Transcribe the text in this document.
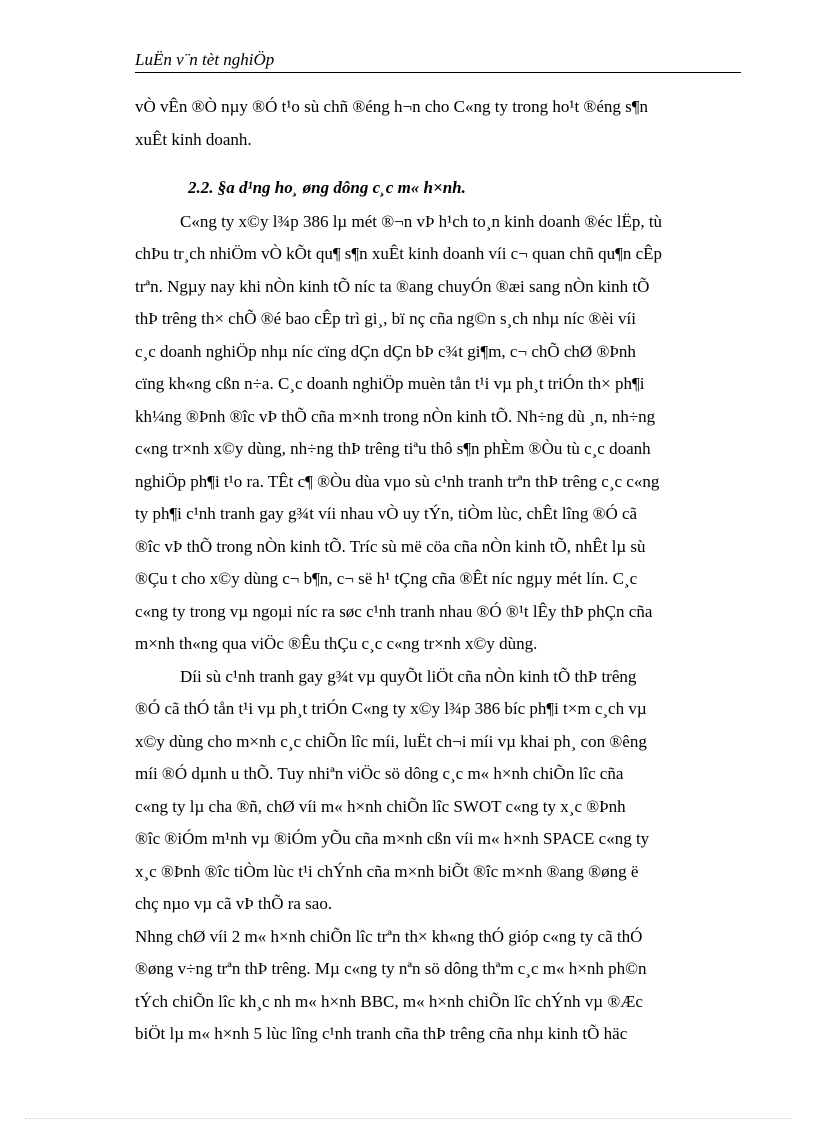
LuËn v¨n tèt nghiÖp
vÒ vÊn ®Ò nµy ®Ó t¹o sù chñ ®éng h¬n cho C«ng ty trong ho¹t ®éng s¶n
xuÊt kinh doanh.
2.2. §a d¹ng ho¸ øng dông c¸c m« h×nh.
C«ng ty x©y l¾p 386 lµ mét ®¬n vÞ h¹ch to¸n kinh doanh ®éc lËp, tù
chÞu tr¸ch nhiÖm vÒ kÕt qu¶ s¶n xuÊt kinh doanh víi c¬ quan chñ qu¶n cÊp
trªn. Ngµy nay khi nÒn kinh tÕ níc ta ®ang chuyÓn ®æi sang nÒn kinh tÕ
thÞ trêng th× chÕ ®é bao cÊp trì gi¸, bï nç cña ng©n s¸ch nhµ níc ®èi víi
c¸c doanh nghiÖp nhµ níc cïng dÇn dÇn bÞ c¾t gi¶m, c¬ chÕ chØ ®Þnh
cïng kh«ng cßn n÷a. C¸c doanh nghiÖp muèn tån t¹i vµ ph¸t triÓn th× ph¶i
kh¼ng ®Þnh ®îc vÞ thÕ cña m×nh trong nÒn kinh tÕ. Nh÷ng dù ¸n, nh÷ng
c«ng tr×nh x©y dùng, nh÷ng thÞ trêng tiªu thô s¶n phÈm ®Òu tù c¸c doanh
nghiÖp ph¶i t¹o ra. TÊt c¶ ®Òu dùa vµo sù c¹nh tranh trªn thÞ trêng c¸c c«ng
ty ph¶i c¹nh tranh gay g¾t víi nhau vÒ uy tÝn, tiÒm lùc, chÊt lîng ®Ó cã
®îc vÞ thÕ trong nÒn kinh tÕ. Tríc sù më cöa cña nÒn kinh tÕ, nhÊt lµ sù
®Çu t cho x©y dùng c¬ b¶n, c¬ së h¹ tÇng cña ®Êt níc ngµy mét lín. C¸c
c«ng ty trong vµ ngoµi níc ra søc c¹nh tranh nhau ®Ó ®¹t lÊy thÞ phÇn cña
m×nh th«ng qua viÖc ®Êu thÇu c¸c c«ng tr×nh x©y dùng.
Díi sù c¹nh tranh gay g¾t vµ quyÕt liÖt cña nÒn kinh tÕ thÞ trêng
®Ó cã thÓ tån t¹i vµ ph¸t triÓn C«ng ty x©y l¾p 386 bíc ph¶i t×m c¸ch vµ
x©y dùng cho m×nh c¸c chiÕn lîc míi, luËt ch¬i míi vµ khai ph¸ con ®êng
míi ®Ó dµnh u thÕ. Tuy nhiªn viÖc sö dông c¸c m« h×nh chiÕn lîc cña
c«ng ty lµ cha ®ñ, chØ víi m« h×nh chiÕn lîc SWOT c«ng ty x¸c ®Þnh
®îc ®iÓm m¹nh vµ ®iÓm yÕu cña m×nh cßn víi m« h×nh SPACE c«ng ty
x¸c ®Þnh ®îc tiÒm lùc t¹i chÝnh cña m×nh biÕt ®îc m×nh ®ang ®øng ë
chç nµo vµ cã vÞ thÕ ra sao.
Nhng chØ víi 2 m« h×nh chiÕn lîc trªn th× kh«ng thÓ gióp c«ng ty cã thÓ
®øng v÷ng trªn thÞ trêng. Mµ c«ng ty nªn sö dông thªm c¸c m« h×nh ph©n
tÝch chiÕn lîc kh¸c nh m« h×nh BBC, m« h×nh chiÕn lîc chÝnh vµ ®Æc
biÖt lµ m« h×nh 5 lùc lîng c¹nh tranh cña thÞ trêng cña nhµ kinh tÕ häc
